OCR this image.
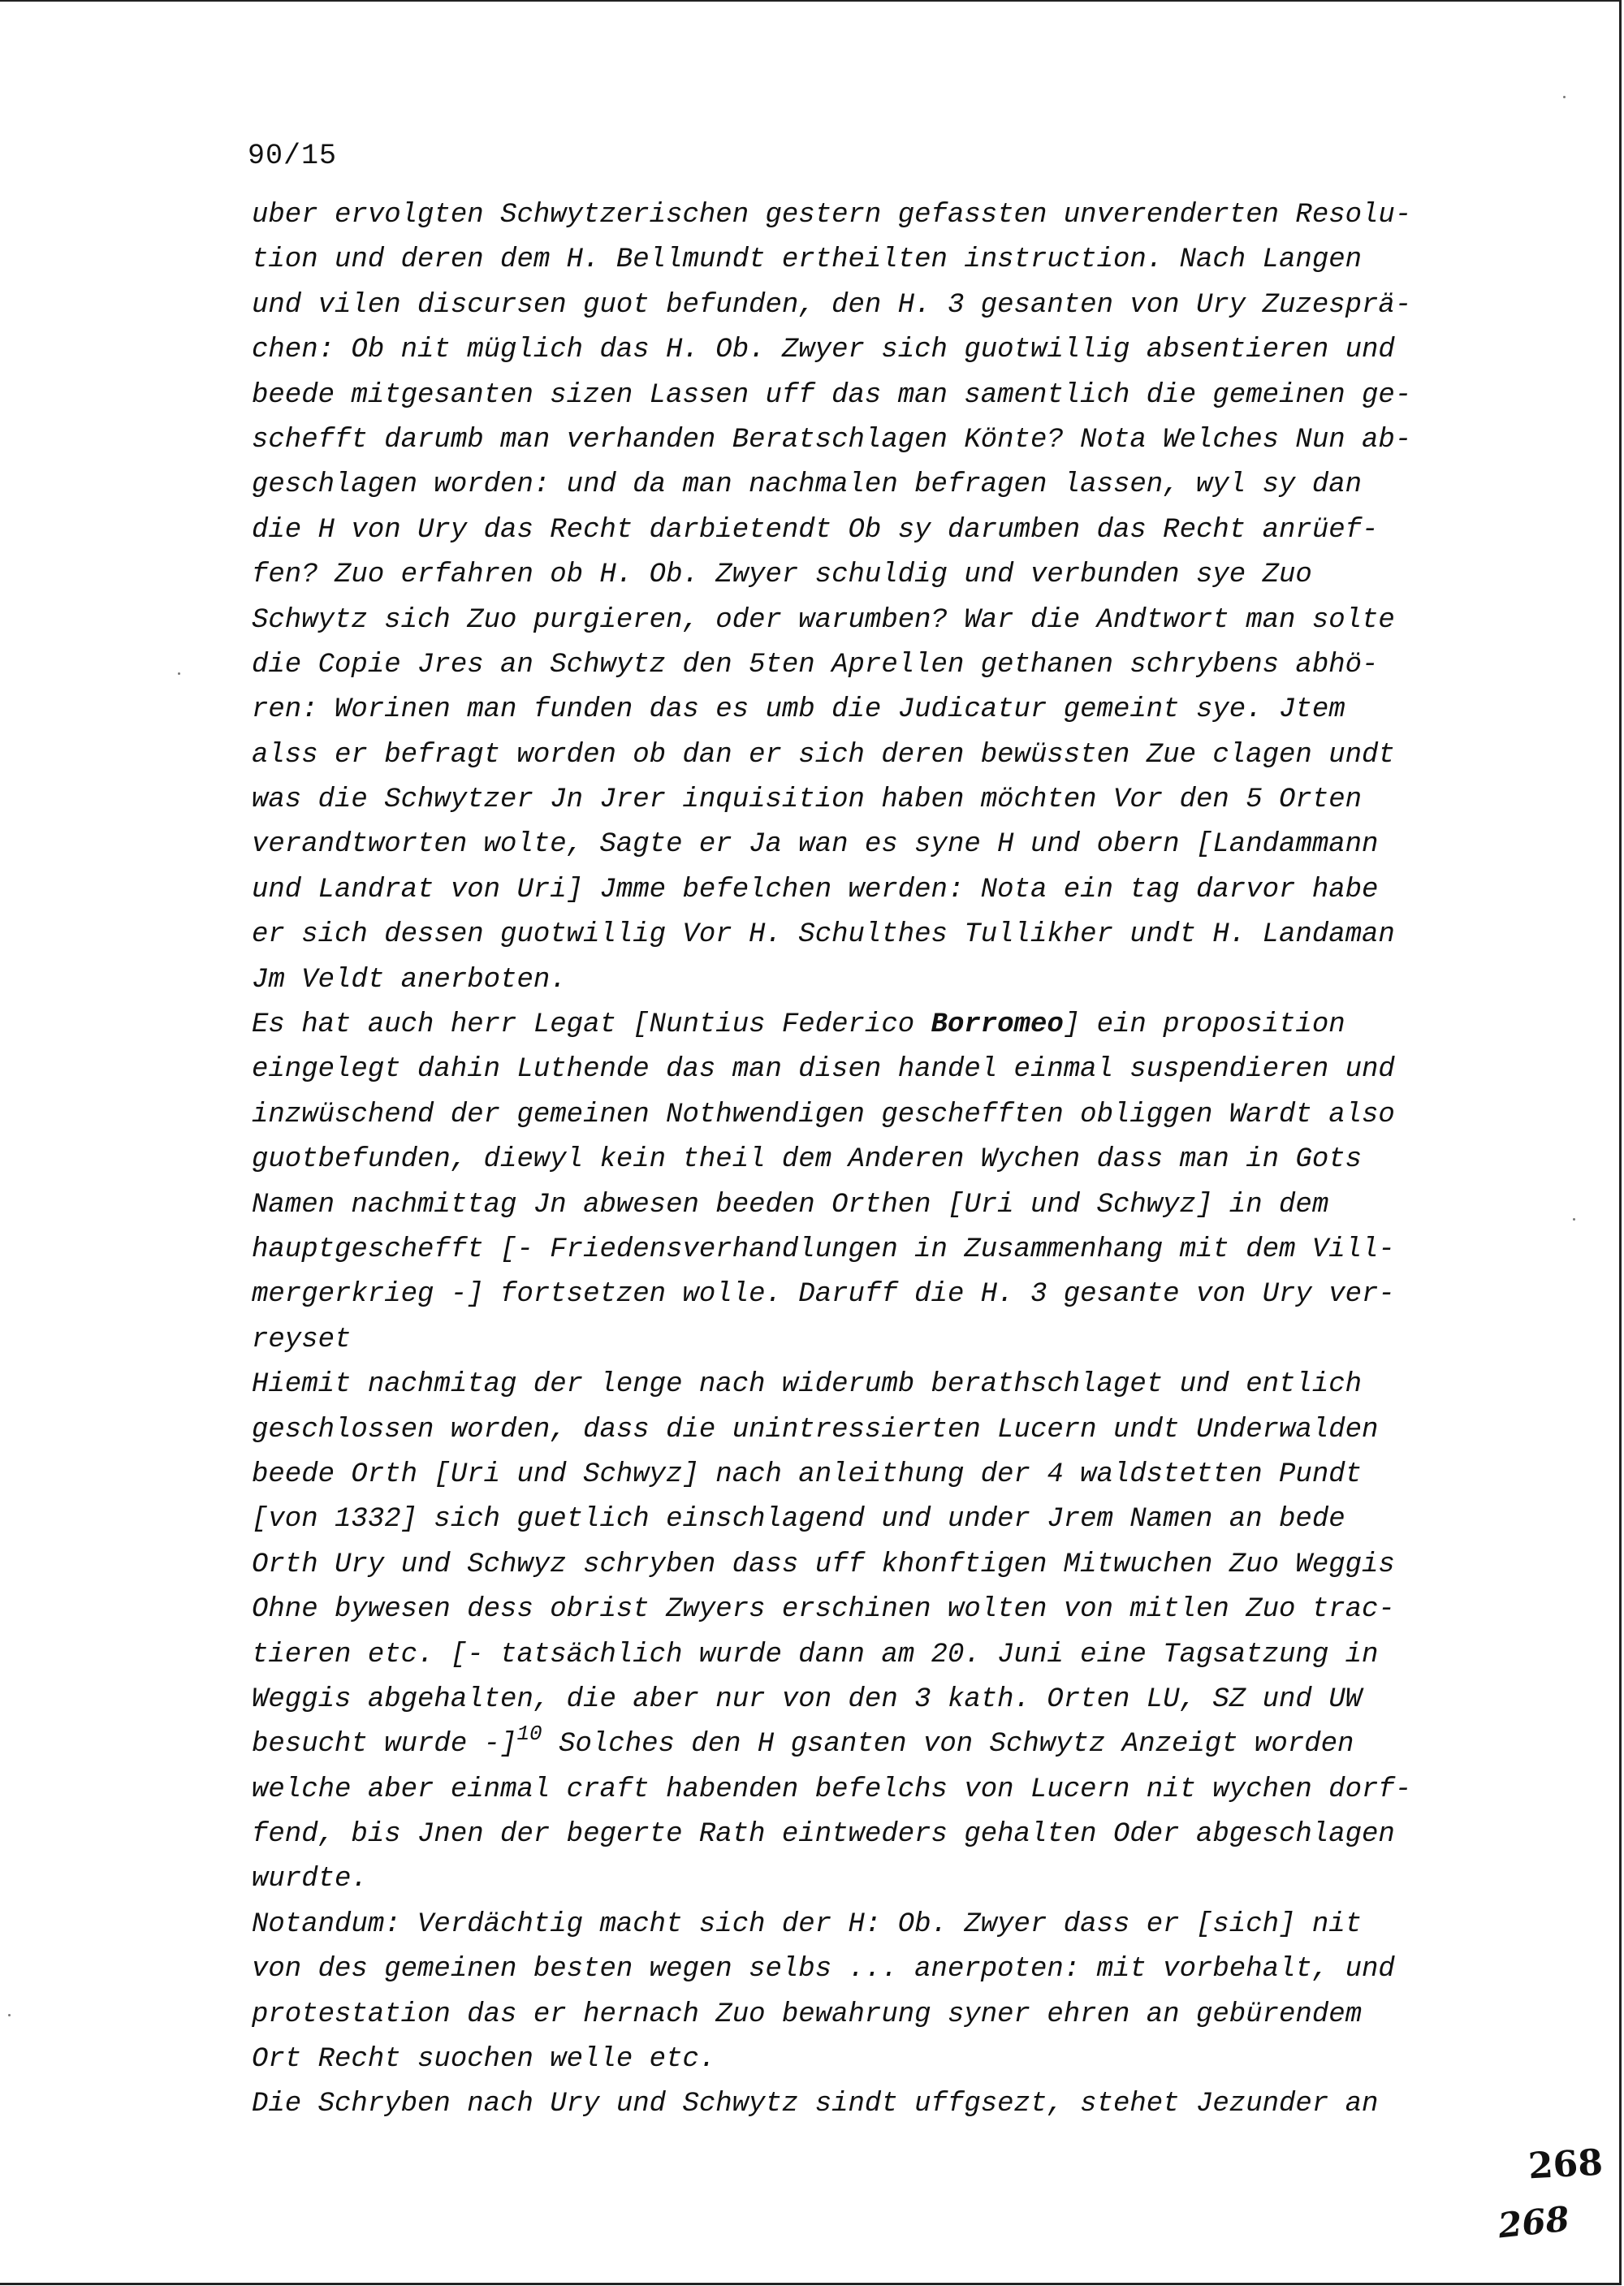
90/15
uber ervolgten Schwytzerischen gestern gefassten unverenderten Resolu-
tion und deren dem H. Bellmundt ertheilten instruction. Nach Langen
und vilen discursen guot befunden, den H. 3 gesanten von Ury Zuzesprä-
chen: Ob nit müglich das H. Ob. Zwyer sich guotwillig absentieren und
beede mitgesanten sizen Lassen uff das man samentlich die gemeinen ge-
schefft darumb man verhanden Beratschlagen Könte? Nota Welches Nun ab-
geschlagen worden: und da man nachmalen befragen lassen, wyl sy dan
die H von Ury das Recht darbietendt Ob sy darumben das Recht anrüef-
fen? Zuo erfahren ob H. Ob. Zwyer schuldig und verbunden sye Zuo
Schwytz sich Zuo purgieren, oder warumben? War die Andtwort man solte
die Copie Jres an Schwytz den 5ten Aprellen gethanen schrybens abhö-
ren: Worinen man funden das es umb die Judicatur gemeint sye. Jtem
alss er befragt worden ob dan er sich deren bewüssten Zue clagen undt
was die Schwytzer Jn Jrer inquisition haben möchten Vor den 5 Orten
verandtworten wolte, Sagte er Ja wan es syne H und obern [Landammann
und Landrat von Uri] Jmme befelchen werden: Nota ein tag darvor habe
er sich dessen guotwillig Vor H. Schulthes Tullikher undt H. Landaman
Jm Veldt anerboten.
Es hat auch herr Legat [Nuntius Federico Borromeo] ein proposition
eingelegt dahin Luthende das man disen handel einmal suspendieren und
inzwüschend der gemeinen Nothwendigen geschefften obliggen Wardt also
guotbefunden, diewyl kein theil dem Anderen Wychen dass man in Gots
Namen nachmittag Jn abwesen beeden Orthen [Uri und Schwyz] in dem
hauptgeschefft [- Friedensverhandlungen in Zusammenhang mit dem Vill-
mergerkrieg -] fortsetzen wolle. Daruff die H. 3 gesante von Ury ver-
reyset
Hiemit nachmitag der lenge nach widerumb berathschlaget und entlich
geschlossen worden, dass die unintressierten Lucern undt Underwalden
beede Orth [Uri und Schwyz] nach anleithung der 4 waldstetten Pundt
[von 1332] sich guetlich einschlagend und under Jrem Namen an bede
Orth Ury und Schwyz schryben dass uff khonftigen Mitwuchen Zuo Weggis
Ohne bywesen dess obrist Zwyers erschinen wolten von mitlen Zuo trac-
tieren etc. [- tatsächlich wurde dann am 20. Juni eine Tagsatzung in
Weggis abgehalten, die aber nur von den 3 kath. Orten LU, SZ und UW
besucht wurde -]$^{10}$ Solches den H gsanten von Schwytz Anzeigt worden
welche aber einmal craft habenden befelchs von Lucern nit wychen dorf-
fend, bis Jnen der begerte Rath eintweders gehalten Oder abgeschlagen
wurdte.
Notandum: Verdächtig macht sich der H: Ob. Zwyer dass er [sich] nit
von des gemeinen besten wegen selbs ... anerpoten: mit vorbehalt, und
protestation das er hernach Zuo bewahrung syner ehren an gebürendem
Ort Recht suochen welle etc.
Die Schryben nach Ury und Schwytz sindt uffgsezt, stehet Jezunder an
268
268
